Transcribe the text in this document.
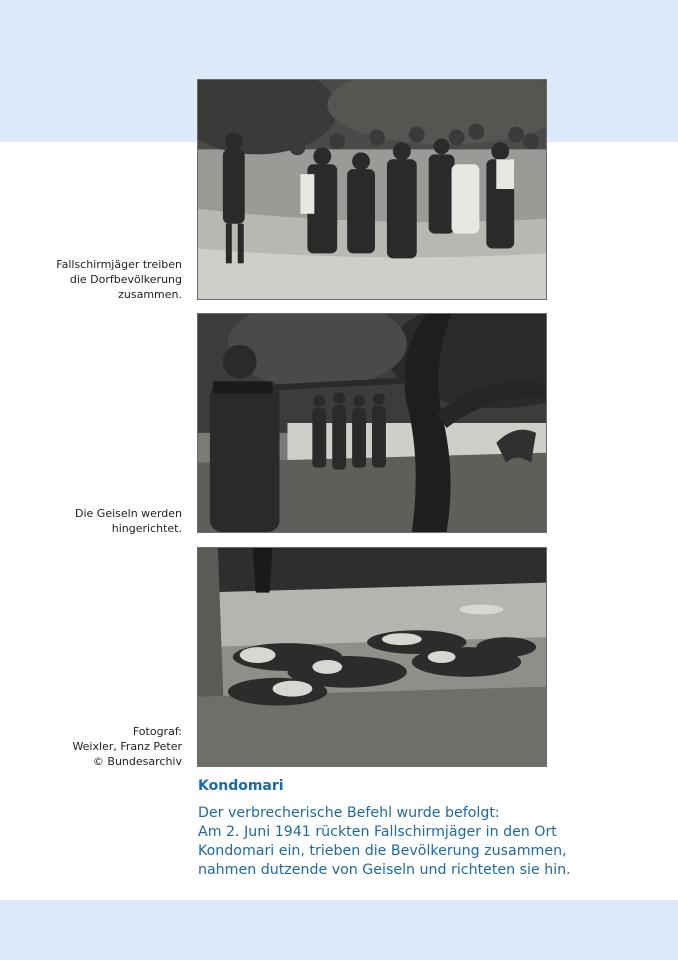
Fallschirmjäger treiben
die Dorfbevölkerung
zusammen.
Die Geiseln werden
hingerichtet.
Fotograf:
Weixler, Franz Peter
© Bundesarchiv
Kondomari
Der verbrecherische Befehl wurde befolgt:
Am 2. Juni 1941 rückten Fallschirmjäger in den Ort
Kondomari ein, trieben die Bevölkerung zusammen,
nahmen dutzende von Geiseln und richteten sie hin.
